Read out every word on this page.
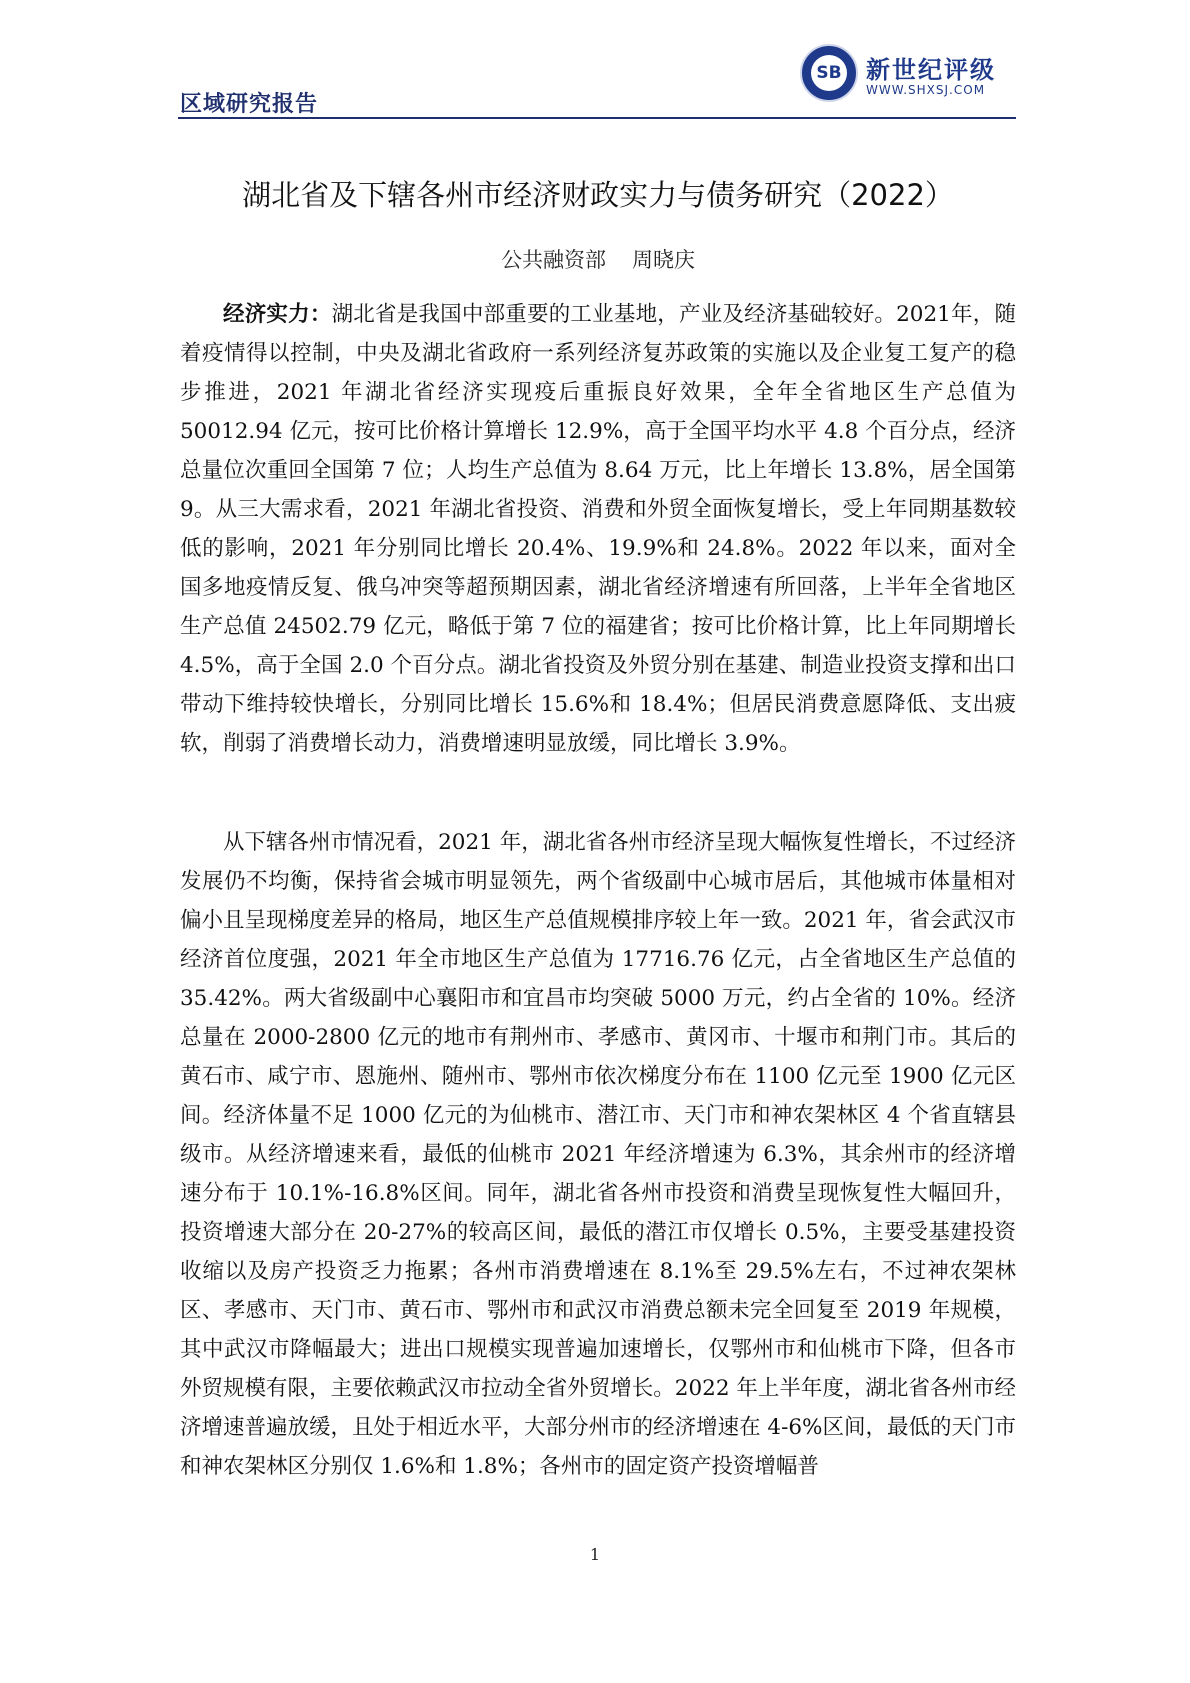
区域研究报告
SB 新世纪评级
WWW.SHXSJ.COM
湖北省及下辖各州市经济财政实力与债务研究（2022）
公共融资部 周晓庆

经济实力：湖北省是我国中部重要的工业基地，产业及经济基础较好。2021年，随着疫情得以控制，中央及湖北省政府一系列经济复苏政策的实施以及企业复工复产的稳步推进，2021 年湖北省经济实现疫后重振良好效果，全年全省地区生产总值为 50012.94 亿元，按可比价格计算增长 12.9%，高于全国平均水平 4.8 个百分点，经济总量位次重回全国第 7 位；人均生产总值为 8.64 万元，比上年增长 13.8%，居全国第 9。从三大需求看，2021 年湖北省投资、消费和外贸全面恢复增长，受上年同期基数较低的影响，2021 年分别同比增长 20.4%、19.9%和 24.8%。2022 年以来，面对全国多地疫情反复、俄乌冲突等超预期因素，湖北省经济增速有所回落，上半年全省地区生产总值 24502.79 亿元，略低于第 7 位的福建省；按可比价格计算，比上年同期增长 4.5%，高于全国 2.0 个百分点。湖北省投资及外贸分别在基建、制造业投资支撑和出口带动下维持较快增长，分别同比增长 15.6%和 18.4%；但居民消费意愿降低、支出疲软，削弱了消费增长动力，消费增速明显放缓，同比增长 3.9%。

从下辖各州市情况看，2021 年，湖北省各州市经济呈现大幅恢复性增长，不过经济发展仍不均衡，保持省会城市明显领先，两个省级副中心城市居后，其他城市体量相对偏小且呈现梯度差异的格局，地区生产总值规模排序较上年一致。2021 年，省会武汉市经济首位度强，2021 年全市地区生产总值为 17716.76 亿元，占全省地区生产总值的 35.42%。两大省级副中心襄阳市和宜昌市均突破 5000 万元，约占全省的 10%。经济总量在 2000-2800 亿元的地市有荆州市、孝感市、黄冈市、十堰市和荆门市。其后的黄石市、咸宁市、恩施州、随州市、鄂州市依次梯度分布在 1100 亿元至 1900 亿元区间。经济体量不足 1000 亿元的为仙桃市、潜江市、天门市和神农架林区 4 个省直辖县级市。从经济增速来看，最低的仙桃市 2021 年经济增速为 6.3%，其余州市的经济增速分布于 10.1%-16.8%区间。同年，湖北省各州市投资和消费呈现恢复性大幅回升，投资增速大部分在 20-27%的较高区间，最低的潜江市仅增长 0.5%，主要受基建投资收缩以及房产投资乏力拖累；各州市消费增速在 8.1%至 29.5%左右，不过神农架林区、孝感市、天门市、黄石市、鄂州市和武汉市消费总额未完全回复至 2019 年规模，其中武汉市降幅最大；进出口规模实现普遍加速增长，仅鄂州市和仙桃市下降，但各市外贸规模有限，主要依赖武汉市拉动全省外贸增长。2022 年上半年度，湖北省各州市经济增速普遍放缓，且处于相近水平，大部分州市的经济增速在 4-6%区间，最低的天门市和神农架林区分别仅 1.6%和 1.8%；各州市的固定资产投资增幅普

1
